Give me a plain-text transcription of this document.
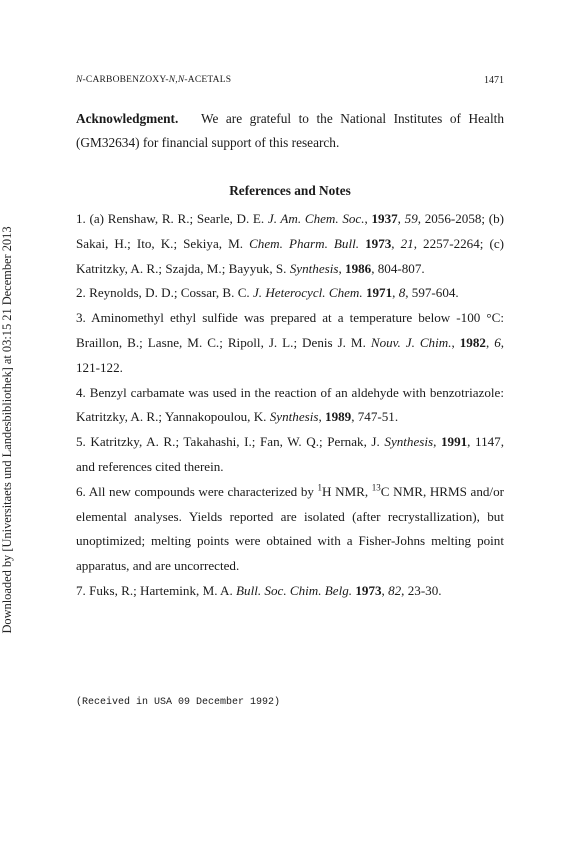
Downloaded by [Universitaets und Landesbibliothek] at 03:15 21 December 2013
N-CARBOBENZOXY-N,N-ACETALS	1471
Acknowledgment. We are grateful to the National Institutes of Health (GM32634) for financial support of this research.
References and Notes
1. (a) Renshaw, R. R.; Searle, D. E. J. Am. Chem. Soc., 1937, 59, 2056-2058; (b) Sakai, H.; Ito, K.; Sekiya, M. Chem. Pharm. Bull. 1973, 21, 2257-2264; (c) Katritzky, A. R.; Szajda, M.; Bayyuk, S. Synthesis, 1986, 804-807.
2. Reynolds, D. D.; Cossar, B. C. J. Heterocycl. Chem. 1971, 8, 597-604.
3. Aminomethyl ethyl sulfide was prepared at a temperature below -100 °C: Braillon, B.; Lasne, M. C.; Ripoll, J. L.; Denis J. M. Nouv. J. Chim., 1982, 6, 121-122.
4. Benzyl carbamate was used in the reaction of an aldehyde with benzotriazole: Katritzky, A. R.; Yannakopoulou, K. Synthesis, 1989, 747-51.
5. Katritzky, A. R.; Takahashi, I.; Fan, W. Q.; Pernak, J. Synthesis, 1991, 1147, and references cited therein.
6. All new compounds were characterized by $^1$H NMR, $^{13}$C NMR, HRMS and/or elemental analyses. Yields reported are isolated (after recrystallization), but unoptimized; melting points were obtained with a Fisher-Johns melting point apparatus, and are uncorrected.
7. Fuks, R.; Hartemink, M. A. Bull. Soc. Chim. Belg. 1973, 82, 23-30.
(Received in USA 09 December 1992)
